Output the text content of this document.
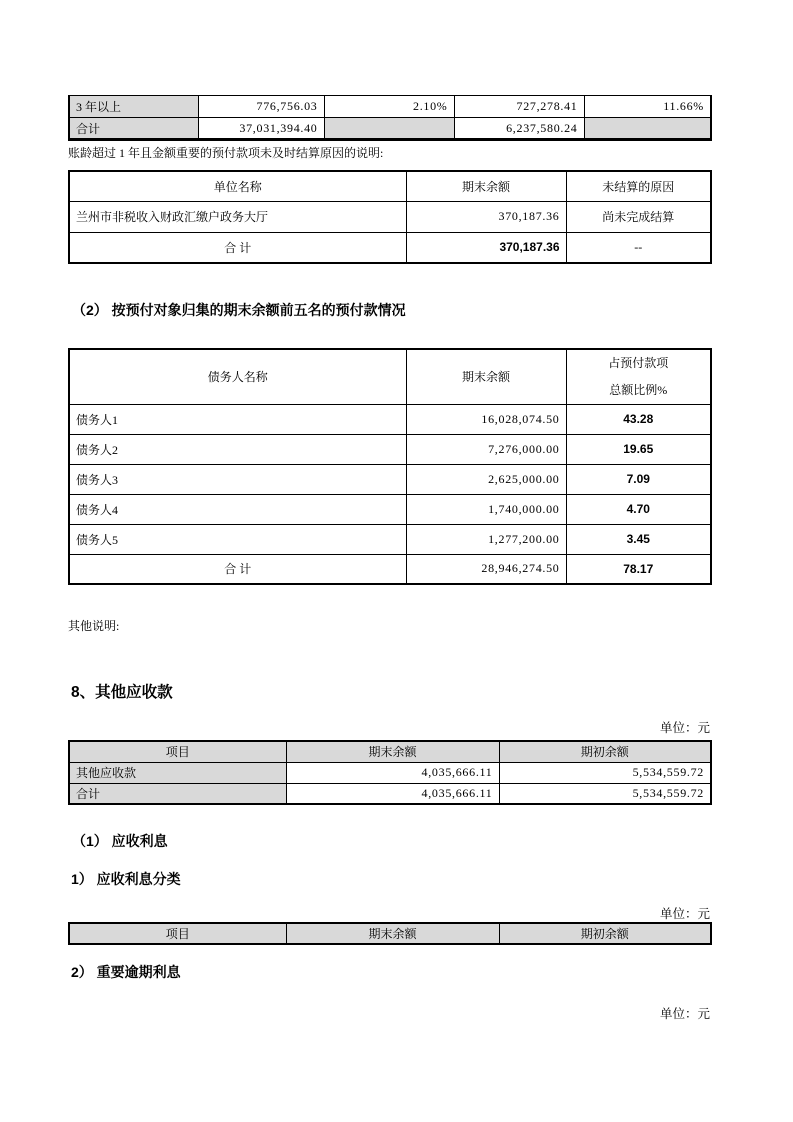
3 年以上	776,756.03	2.10%	727,278.41	11.66%
合计	37,031,394.40		6,237,580.24	
账龄超过 1 年且金额重要的预付款项未及时结算原因的说明:
单位名称	期末余额	未结算的原因
兰州市非税收入财政汇缴户政务大厅	370,187.36	尚未完成结算
合 计	370,187.36	--
（2） 按预付对象归集的期末余额前五名的预付款情况
债务人名称	期末余额	占预付款项
总额比例%

债务人1	16,028,074.50	43.28
债务人2	7,276,000.00	19.65
债务人3	2,625,000.00	7.09
债务人4	1,740,000.00	4.70
债务人5	1,277,200.00	3.45
合 计	28,946,274.50	78.17
其他说明:
8、其他应收款
单位：元
项目	期末余额	期初余额
其他应收款	4,035,666.11	5,534,559.72
合计	4,035,666.11	5,534,559.72
（1） 应收利息
1） 应收利息分类
单位：元
项目	期末余额	期初余额
2） 重要逾期利息
单位：元
